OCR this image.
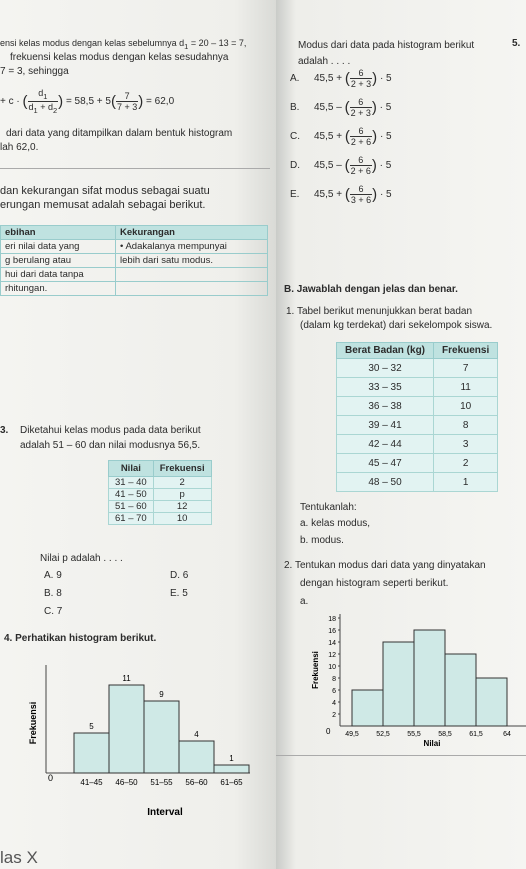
ensi kelas modus dengan kelas sebelumnya $d_1 = 20 - 13 = 7$,
frekuensi kelas modus dengan kelas sesudahnya
7 = 3, sehingga
+ c · ( $\frac{d_1}{d_1 + d_2}$ ) = $58,5 + 5( \frac{7}{7 + 3}$ ) = 62,0
dari data yang ditampilkan dalam bentuk histogram
lah 62,0.
dan kekurangan sifat modus sebagai suatu
erungan memusat adalah sebagai berikut.
ebihan	Kekurangan
eri nilai data yang	• Adakalanya mempunyai
g berulang atau	lebih dari satu modus.
hui dari data tanpa	
rhitungan.	
3. Diketahui kelas modus pada data berikut
adalah 51 – 60 dan nilai modusnya 56,5.
Nilai	Frekuensi
31 – 40	2
41 – 50	p
51 – 60	12
61 – 70	10
Nilai p adalah . . . .
A. 9
B. 8
C. 7
D. 6
E. 5
4. Perhatikan histogram berikut.
0
Frekuensi
Interval
5
41–45
11
46–50
9
51–55
4
56–60
1
61–65
las X
Modus dari data pada histogram berikut	5.
adalah . . . .
A. 45,5 + ( $\frac{6}{2 + 3}$ ) · 5
B. 45,5 – ( $\frac{6}{2 + 3}$ ) · 5
C. 45,5 + ( $\frac{6}{2 + 6}$ ) · 5
D. 45,5 – ( $\frac{6}{2 + 6}$ ) · 5
E. 45,5 + ( $\frac{6}{3 + 6}$ ) · 5
B. Jawablah dengan jelas dan benar.
1. Tabel berikut menunjukkan berat badan
(dalam kg terdekat) dari sekelompok siswa.
Berat Badan (kg)	Frekuensi
30 – 32	7
33 – 35	11
36 – 38	10
39 – 41	8
42 – 44	3
45 – 47	2
48 – 50	1
Tentukanlah:
a. kelas modus,
b. modus.
2. Tentukan modus dari data yang dinyatakan
dengan histogram seperti berikut.
a.
0
Frekuensi
Nilai
2
4
6
8
10
12
14
16
18
49,5 52,5 55,5 58,5 61,5	64
